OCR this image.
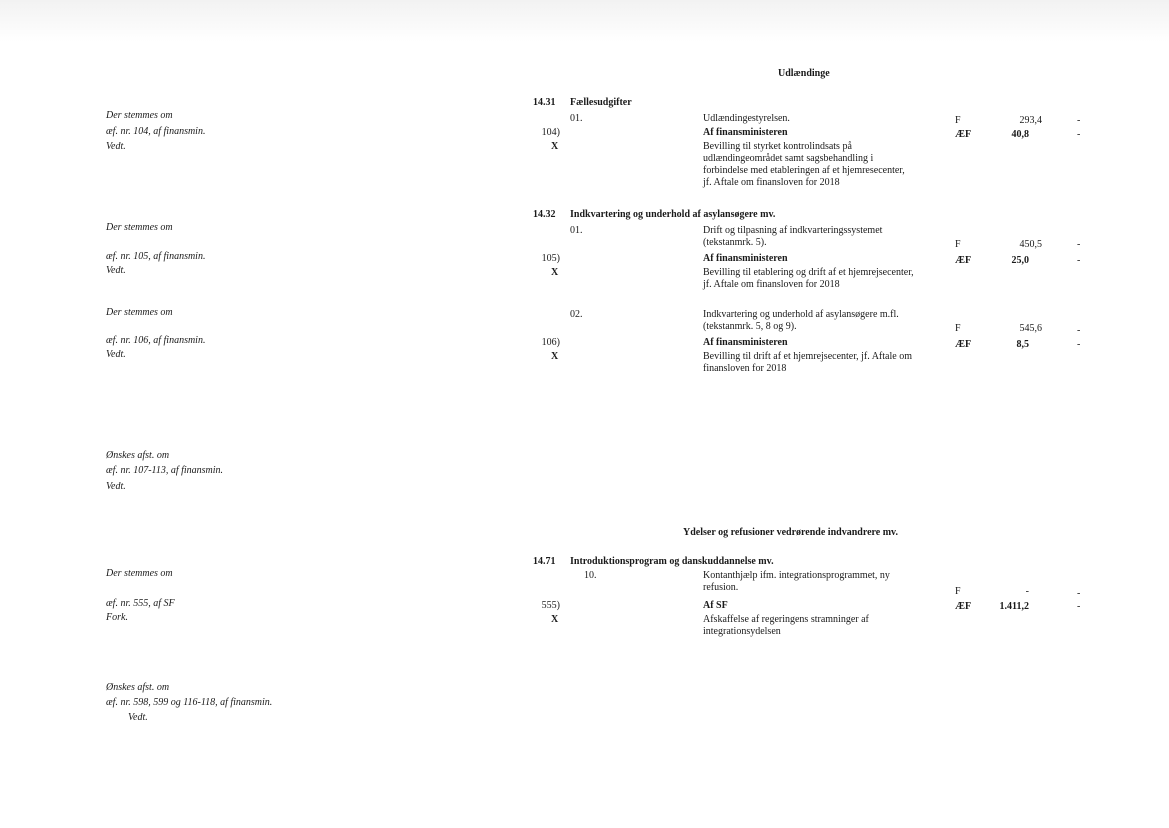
Udlændinge
14.31 Fællesudgifter
Der stemmes om
æf. nr. 104, af finansmin.
Vedt.
01.	Udlændingestyrelsen.	F	293,4	-
104)	Af finansministeren	ÆF	40,8	-
X	Bevilling til styrket kontrolindsats på
udlændingeområdet samt sagsbehandling i
forbindelse med etableringen af et hjemresecenter,
jf. Aftale om finansloven for 2018
14.32 Indkvartering og underhold af asylansøgere mv.
Der stemmes om	01.	Drift og tilpasning af indkvarteringssystemet
(tekstanmrk. 5).	F	450,5	-
æf. nr. 105, af finansmin.
Vedt.
105)	Af finansministeren	ÆF	25,0	-
X	Bevilling til etablering og drift af et hjemrejsecenter,
jf. Aftale om finansloven for 2018
Der stemmes om	02.	Indkvartering og underhold af asylansøgere m.fl.
(tekstanmrk. 5, 8 og 9).	F	545,6	-
æf. nr. 106, af finansmin.
Vedt.
106)	Af finansministeren	ÆF	8,5	-
X	Bevilling til drift af et hjemrejsecenter, jf. Aftale om
finansloven for 2018
Ønskes afst. om
æf. nr. 107-113, af finansmin.
Vedt.
Ydelser og refusioner vedrørende indvandrere mv.
14.71 Introduktionsprogram og danskuddannelse mv.
Der stemmes om	10.	Kontanthjælp ifm. integrationsprogrammet, ny
refusion.	F	-	-
æf. nr. 555, af SF
Fork.
555)	Af SF	ÆF	1.411,2	-
X	Afskaffelse af regeringens stramninger af
integrationsydelsen
Ønskes afst. om
æf. nr. 598, 599 og 116-118, af finansmin.
Vedt.
